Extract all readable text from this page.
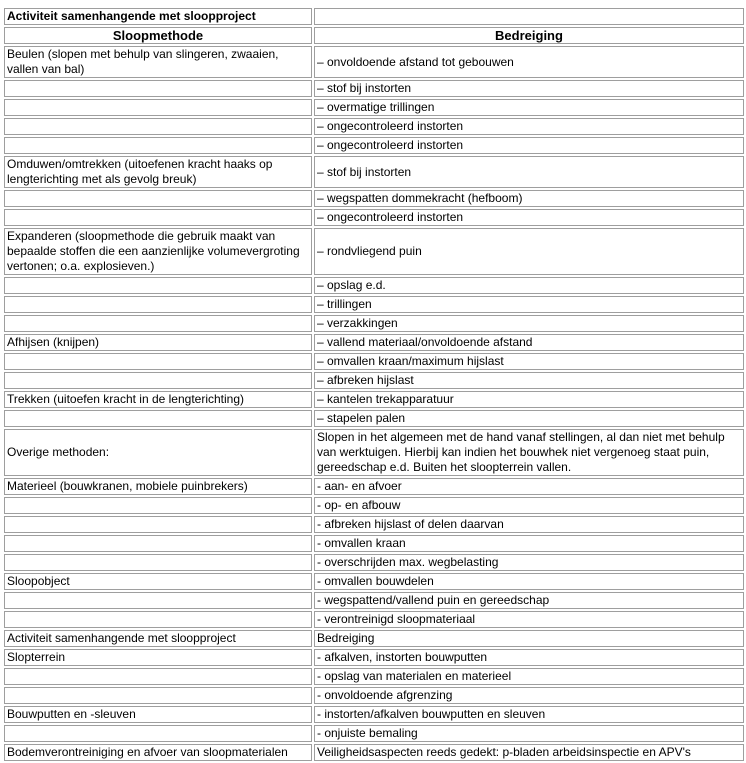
Activiteit samenhangende met sloopproject	
Sloopmethode	Bedreiging
Beulen (slopen met behulp van slingeren, zwaaien, vallen van bal)	– onvoldoende afstand tot gebouwen
	– stof bij instorten
	– overmatige trillingen
	– ongecontroleerd instorten
	– ongecontroleerd instorten
Omduwen/omtrekken (uitoefenen kracht haaks op lengterichting met als gevolg breuk)	– stof bij instorten
	– wegspatten dommekracht (hefboom)
	– ongecontroleerd instorten
Expanderen (sloopmethode die gebruik maakt van bepaalde stoffen die een aanzienlijke volumevergroting vertonen; o.a. explosieven.)	– rondvliegend puin
	– opslag e.d.
	– trillingen
	– verzakkingen
Afhijsen (knijpen)	– vallend materiaal/onvoldoende afstand
	– omvallen kraan/maximum hijslast
	– afbreken hijslast
Trekken (uitoefen kracht in de lengterichting)	– kantelen trekapparatuur
	– stapelen palen
Overige methoden:	Slopen in het algemeen met de hand vanaf stellingen, al dan niet met behulp van werktuigen. Hierbij kan indien het bouwhek niet vergenoeg staat puin, gereedschap e.d. Buiten het sloopterrein vallen.
Materieel (bouwkranen, mobiele puinbrekers)	- aan- en afvoer
	- op- en afbouw
	- afbreken hijslast of delen daarvan
	- omvallen kraan
	- overschrijden max. wegbelasting
Sloopobject	- omvallen bouwdelen
	- wegspattend/vallend puin en gereedschap
	- verontreinigd sloopmateriaal
Activiteit samenhangende met sloopproject	Bedreiging
Slopterrein	- afkalven, instorten bouwputten
	- opslag van materialen en materieel
	- onvoldoende afgrenzing
Bouwputten en -sleuven	- instorten/afkalven bouwputten en sleuven
	- onjuiste bemaling
Bodemverontreiniging en afvoer van sloopmaterialen	Veiligheidsaspecten reeds gedekt: p-bladen arbeidsinspectie en APV's
